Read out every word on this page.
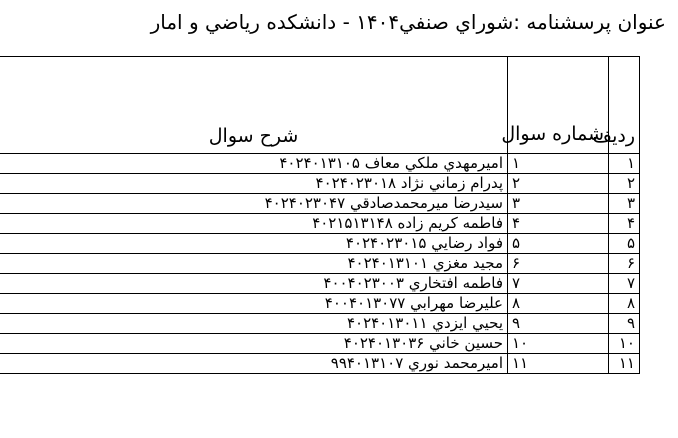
عنوان پرسشنامه :شوراي صنفي۱۴۰۴ - دانشکده رياضي و امار
رديف	شماره سوال	شرح سوال
۱	۱	اميرمهدي ملکي معاف ۴۰۲۴۰۱۳۱۰۵
۲	۲	پدرام زماني نژاد ۴۰۲۴۰۲۳۰۱۸
۳	۳	سيدرضا ميرمحمدصادقي ۴۰۲۴۰۲۳۰۴۷
۴	۴	فاطمه کريم زاده ۴۰۲۱۵۱۳۱۴۸
۵	۵	فواد رضايي ۴۰۲۴۰۲۳۰۱۵
۶	۶	مجيد مغزي ۴۰۲۴۰۱۳۱۰۱
۷	۷	فاطمه افتخاري ۴۰۰۴۰۲۳۰۰۳
۸	۸	عليرضا مهرابي ۴۰۰۴۰۱۳۰۷۷
۹	۹	يحيي ايزدي ۴۰۲۴۰۱۳۰۱۱
۱۰	۱۰	حسين خاني ۴۰۲۴۰۱۳۰۳۶
۱۱	۱۱	اميرمحمد نوري ۹۹۴۰۱۳۱۰۷
